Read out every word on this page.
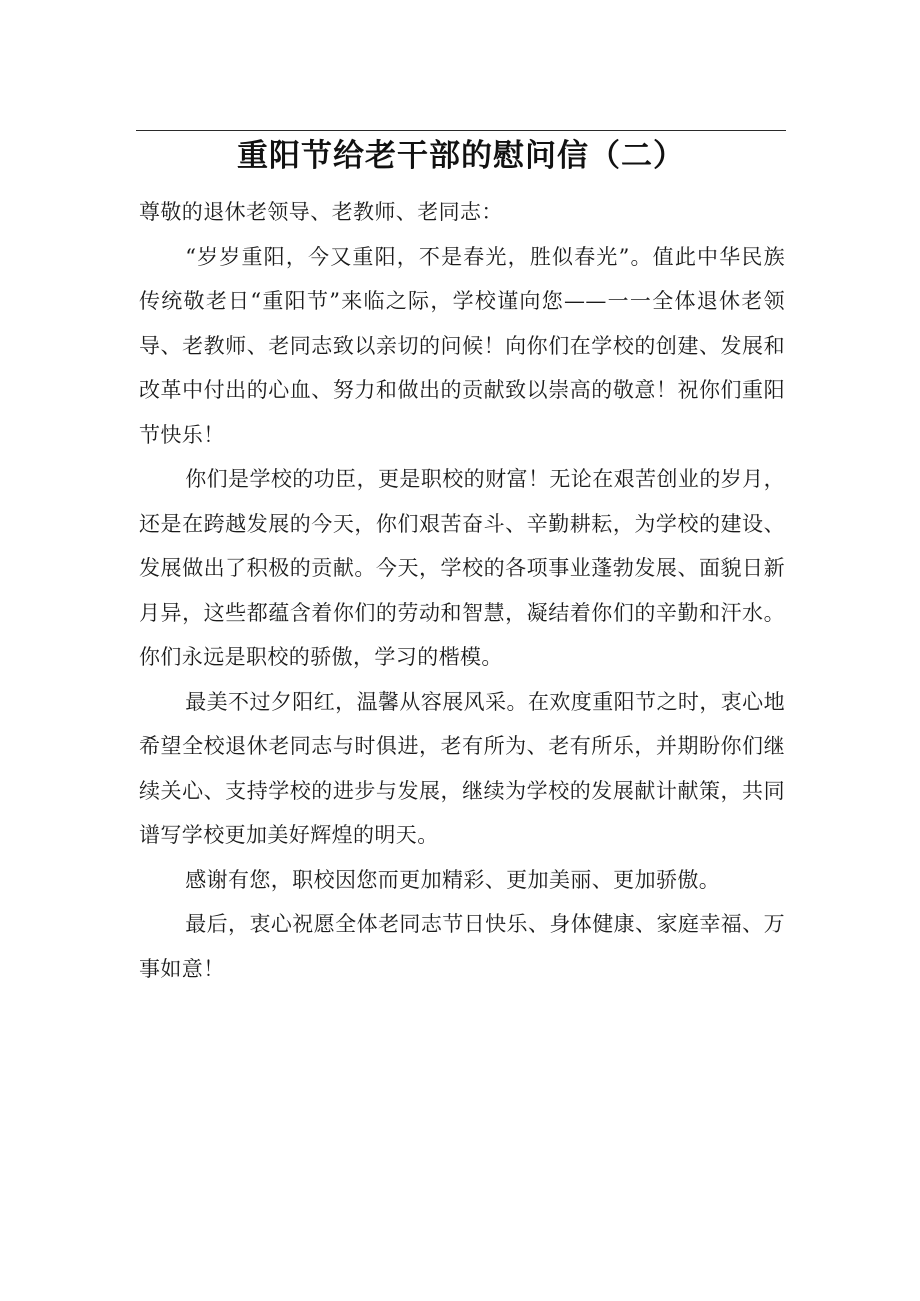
重阳节给老干部的慰问信（二）

尊敬的退休老领导、老教师、老同志：

“岁岁重阳，今又重阳，不是春光，胜似春光”。值此中华民族传统敬老日“重阳节”来临之际，学校谨向您——一一全体退休老领导、老教师、老同志致以亲切的问候！向你们在学校的创建、发展和改革中付出的心血、努力和做出的贡献致以崇高的敬意！祝你们重阳节快乐！

你们是学校的功臣，更是职校的财富！无论在艰苦创业的岁月，还是在跨越发展的今天，你们艰苦奋斗、辛勤耕耘，为学校的建设、发展做出了积极的贡献。今天，学校的各项事业蓬勃发展、面貌日新月异，这些都蕴含着你们的劳动和智慧，凝结着你们的辛勤和汗水。你们永远是职校的骄傲，学习的楷模。

最美不过夕阳红，温馨从容展风采。在欢度重阳节之时，衷心地希望全校退休老同志与时俱进，老有所为、老有所乐，并期盼你们继续关心、支持学校的进步与发展，继续为学校的发展献计献策，共同谱写学校更加美好辉煌的明天。

感谢有您，职校因您而更加精彩、更加美丽、更加骄傲。

最后，衷心祝愿全体老同志节日快乐、身体健康、家庭幸福、万事如意！
